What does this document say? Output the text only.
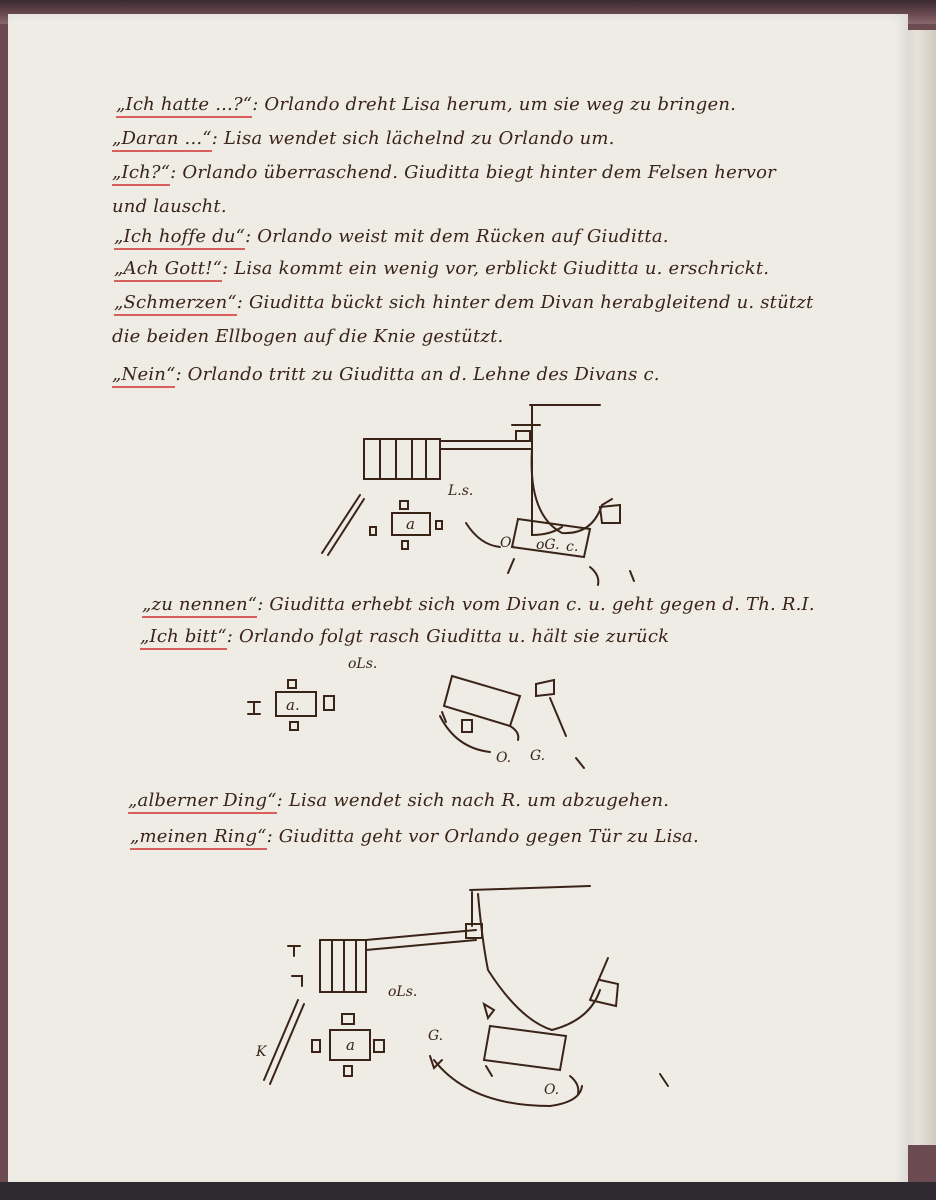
„Ich hatte ...?“: Orlando dreht Lisa herum, um sie weg zu bringen.
„Daran ...“: Lisa wendet sich lächelnd zu Orlando um.
„Ich?“: Orlando überraschend. Giuditta biegt hinter dem Felsen hervor
und lauscht.
„Ich hoffe du“: Orlando weist mit dem Rücken auf Giuditta.
„Ach Gott!“: Lisa kommt ein wenig vor, erblickt Giuditta u. erschrickt.
„Schmerzen“: Giuditta bückt sich hinter dem Divan herabgleitend u. stützt
die beiden Ellbogen auf die Knie gestützt.
„Nein“: Orlando tritt zu Giuditta an d. Lehne des Divans c.
L.s.
a
O. oG. c.
„zu nennen“: Giuditta erhebt sich vom Divan c. u. geht gegen d. Th. R.I.
„Ich bitt“: Orlando folgt rasch Giuditta u. hält sie zurück
a.
oLs.
O. G.
„alberner Ding“: Lisa wendet sich nach R. um abzugehen.
„meinen Ring“: Giuditta geht vor Orlando gegen Tür zu Lisa.
oLs.
a
K
G.
O.
